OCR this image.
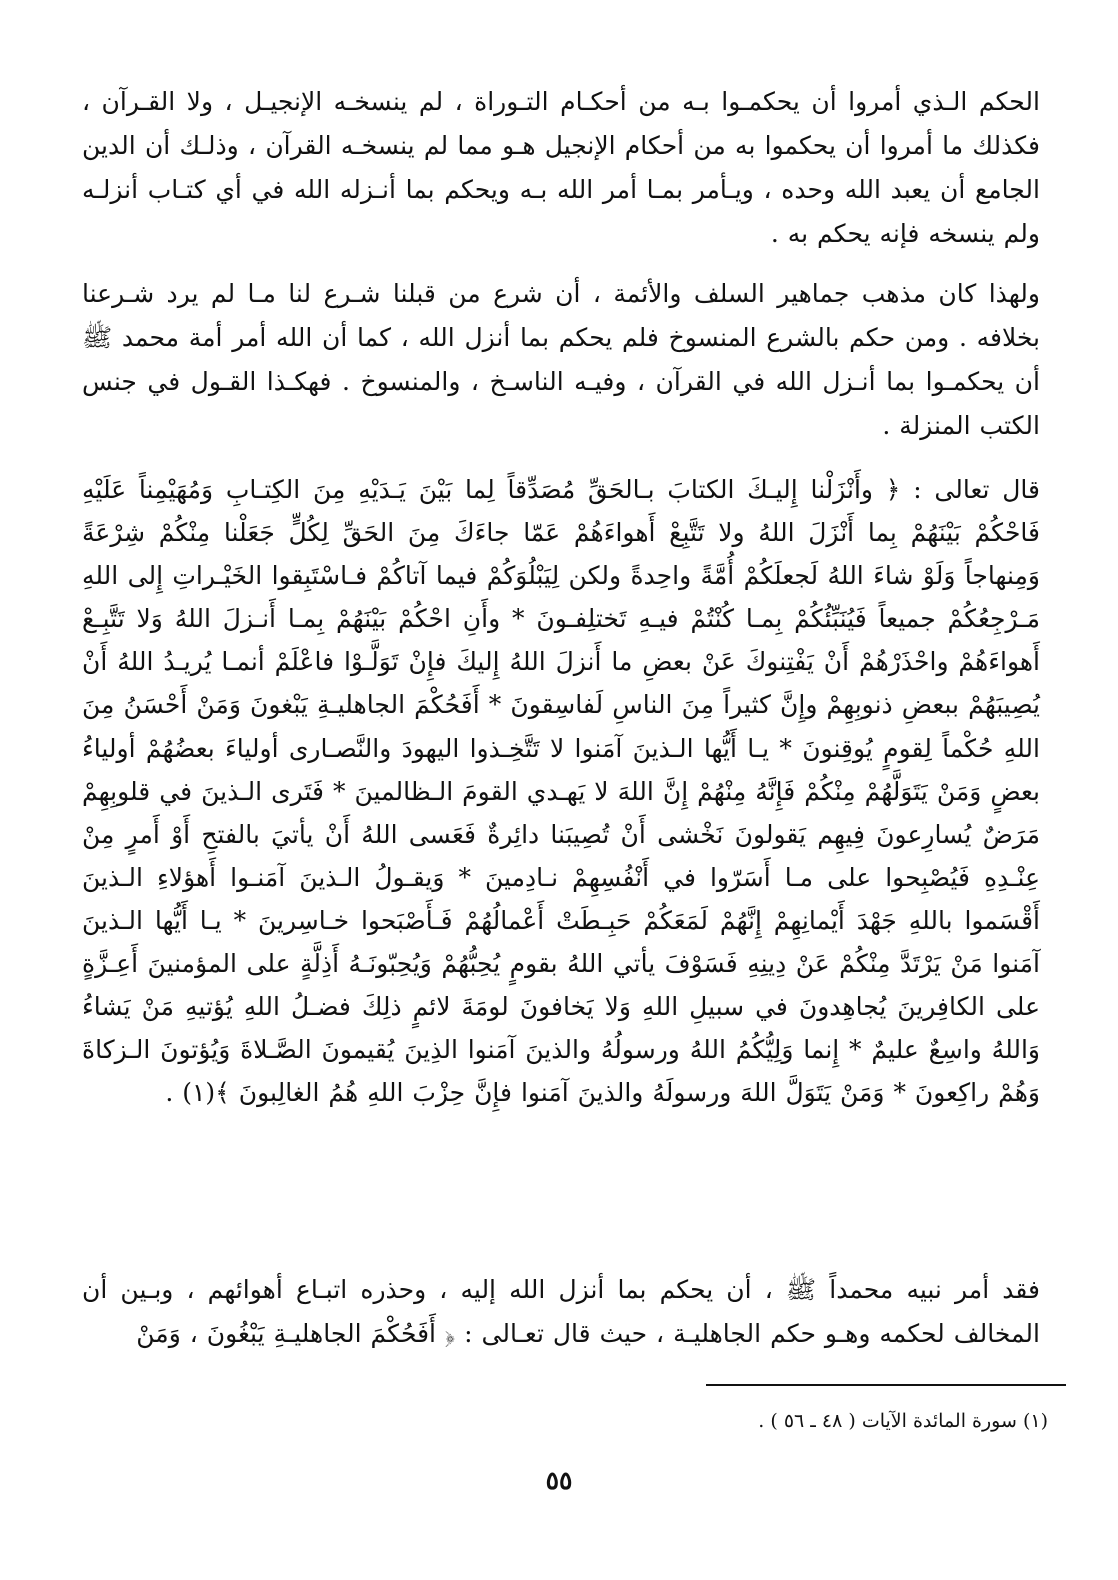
الحكم الـذي أمروا أن يحكمـوا بـه من أحكـام التـوراة ، لم ينسخـه الإنجيـل ، ولا القـرآن ، فكذلك ما أمروا أن يحكموا به من أحكام الإنجيل هـو مما لم ينسخـه القرآن ، وذلـك أن الدين الجامع أن يعبد الله وحده ، ويـأمر بمـا أمر الله بـه ويحكم بما أنـزله الله في أي كتـاب أنزلـه ولم ينسخه فإنه يحكم به .

ولهذا كان مذهب جماهير السلف والأئمة ، أن شرع من قبلنا شـرع لنا مـا لم يرد شـرعنا بخلافه . ومن حكم بالشرع المنسوخ فلم يحكم بما أنزل الله ، كما أن الله أمر أمة محمد ﷺ أن يحكمـوا بما أنـزل الله في القرآن ، وفيـه الناسـخ ، والمنسوخ . فهكـذا القـول في جنس الكتب المنزلة .

قال تعالى : ﴿ وأَنْزَلْنا إِليـكَ الكتابَ بـالحَقِّ مُصَدِّقاً لِما بَيْنَ يَـدَيْهِ مِنَ الكِتـابِ وَمُهَيْمِناً عَلَيْهِ فَاحْكُمْ بَيْنَهُمْ بِما أَنْزَلَ اللهُ ولا تَتَّبِعْ أَهواءَهُمْ عَمّا جاءَكَ مِنَ الحَقِّ لِكُلٍّ جَعَلْنا مِنْكُمْ شِرْعَةً وَمِنهاجاً وَلَوْ شاءَ اللهُ لَجعلَكُمْ أُمَّةً واحِدةً ولكن لِيَبْلُوَكُمْ فيما آتاكُمْ فـاسْتَبِقوا الخَيْـراتِ إِلى اللهِ مَـرْجِعُكُمْ جميعاً فَيُنَبِّئُكُمْ بِمـا كُنْتُمْ فيـهِ تَختلِفـونَ * وأَنِ احْكُمْ بَيْنَهُمْ بِمـا أَنـزلَ اللهُ وَلا تَتَّبِـعْ أَهواءَهُمْ واحْذَرْهُمْ أَنْ يَفْتِنوكَ عَنْ بعضِ ما أَنزلَ اللهُ إِليكَ فإِنْ تَوَلَّـوْا فاعْلَمْ أنمـا يُريـدُ اللهُ أَنْ يُصِيبَهُمْ ببعضِ ذنوبِهِمْ وإِنَّ كثيراً مِنَ الناسِ لَفاسِقونَ * أَفَحُكْمَ الجاهليـةِ يَبْغونَ وَمَنْ أَحْسَنُ مِنَ اللهِ حُكْماً لِقومٍ يُوقِنونَ * يـا أَيُّها الـذينَ آمَنوا لا تَتَّخِـذوا اليهودَ والنَّصـارى أولياءَ بعضُهُمْ أولياءُ بعضٍ وَمَنْ يَتَوَلَّهُمْ مِنْكُمْ فَإِنَّهُ مِنْهُمْ إِنَّ اللهَ لا يَهـدي القومَ الـظالمينَ * فَتَرى الـذينَ في قلوبِهِمْ مَرَضٌ يُسارِعونَ فِيهِم يَقولونَ نَخْشى أَنْ تُصِيبَنا دائِرةٌ فَعَسى اللهُ أَنْ يأتيَ بالفتحِ أَوْ أَمرٍ مِنْ عِنْـدِهِ فَيُصْبِحوا على مـا أَسَرّوا في أَنْفُسِهِمْ نـادِمينَ * وَيقـولُ الـذينَ آمَنـوا أَهؤلاءِ الـذينَ أَقْسَموا باللهِ جَهْدَ أَيْمانِهِمْ إِنَّهُمْ لَمَعَكُمْ حَبِـطَتْ أَعْمالُهُمْ فَـأَصْبَحوا خـاسِرينَ * يـا أَيُّها الـذينَ آمَنوا مَنْ يَرْتَدَّ مِنْكُمْ عَنْ دِينِهِ فَسَوْفَ يأتي اللهُ بقومٍ يُحِبُّهُمْ وَيُحِبّونَـهُ أَذِلَّةٍ على المؤمنينَ أَعِـزَّةٍ على الكافِرينَ يُجاهِدونَ في سبيلِ اللهِ وَلا يَخافونَ لومَةَ لائمٍ ذلِكَ فضـلُ اللهِ يُؤتيهِ مَنْ يَشاءُ وَاللهُ واسِعٌ عليمٌ * إِنما وَلِيُّكُمُ اللهُ ورسولُهُ والذينَ آمَنوا الذِينَ يُقيمونَ الصَّـلاةَ وَيُؤتونَ الـزكاةَ وَهُمْ راكِعونَ * وَمَنْ يَتَوَلَّ اللهَ ورسولَهُ والذينَ آمَنوا فإِنَّ حِزْبَ اللهِ هُمُ الغالِبونَ ﴾(١) .

فقد أمر نبيه محمداً ﷺ ، أن يحكم بما أنزل الله إليه ، وحذره اتبـاع أهوائهم ، وبـين أن المخالف لحكمه وهـو حكم الجاهليـة ، حيث قال تعـالى : ﴿ أَفَحُكْمَ الجاهليـةِ يَبْغُونَ ، وَمَنْ

(١) سورة المائدة الآيات ( ٤٨ ـ ٥٦ ) .

٥٥
